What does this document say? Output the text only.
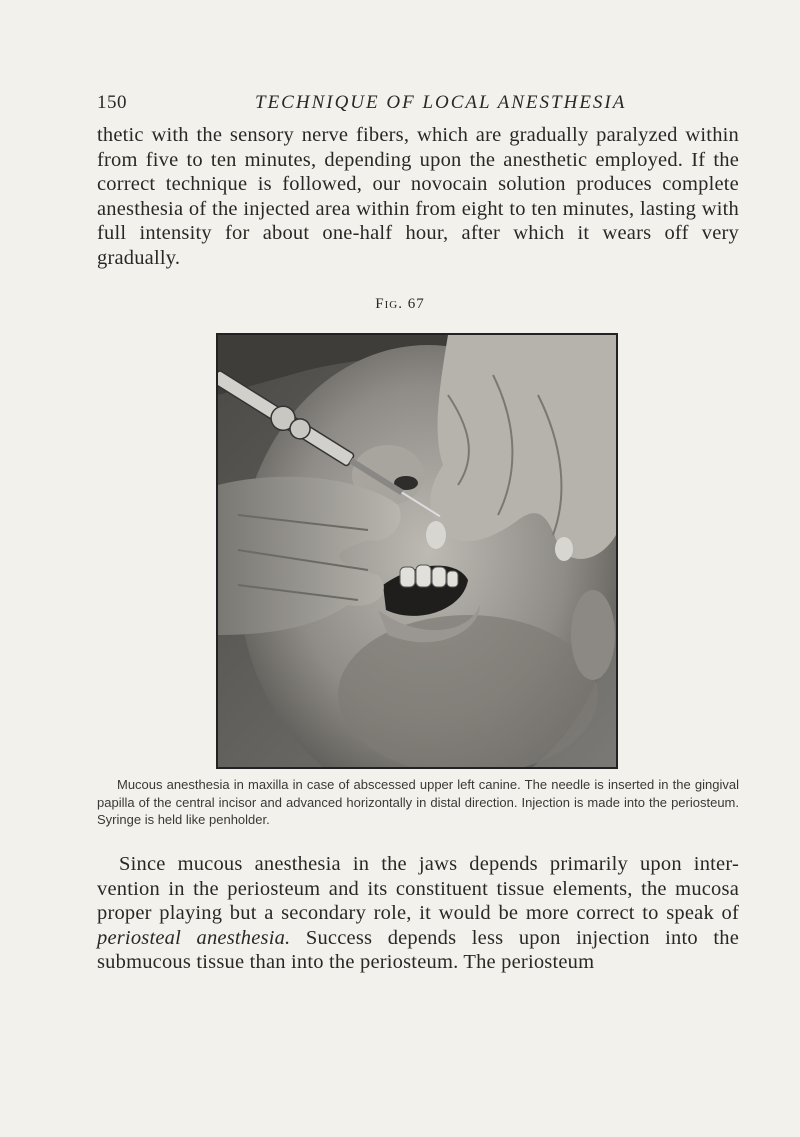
150	TECHNIQUE OF LOCAL ANESTHESIA

thetic with the sensory nerve fibers, which are gradually paralyzed within from five to ten minutes, depending upon the anesthetic employed. If the correct technique is followed, our novocain solution produces complete anesthesia of the injected area within from eight to ten minutes, lasting with full intensity for about one-half hour, after which it wears off very gradually.

Fig. 67

Mucous anesthesia in maxilla in case of abscessed upper left canine. The needle is inserted in the gingival papilla of the central incisor and advanced horizontally in distal direction. Injection is made into the periosteum. Syringe is held like penholder.

Since mucous anesthesia in the jaws depends primarily upon inter-vention in the periosteum and its constituent tissue elements, the mucosa proper playing but a secondary role, it would be more correct to speak of periosteal anesthesia. Success depends less upon injection into the submucous tissue than into the periosteum. The periosteum
